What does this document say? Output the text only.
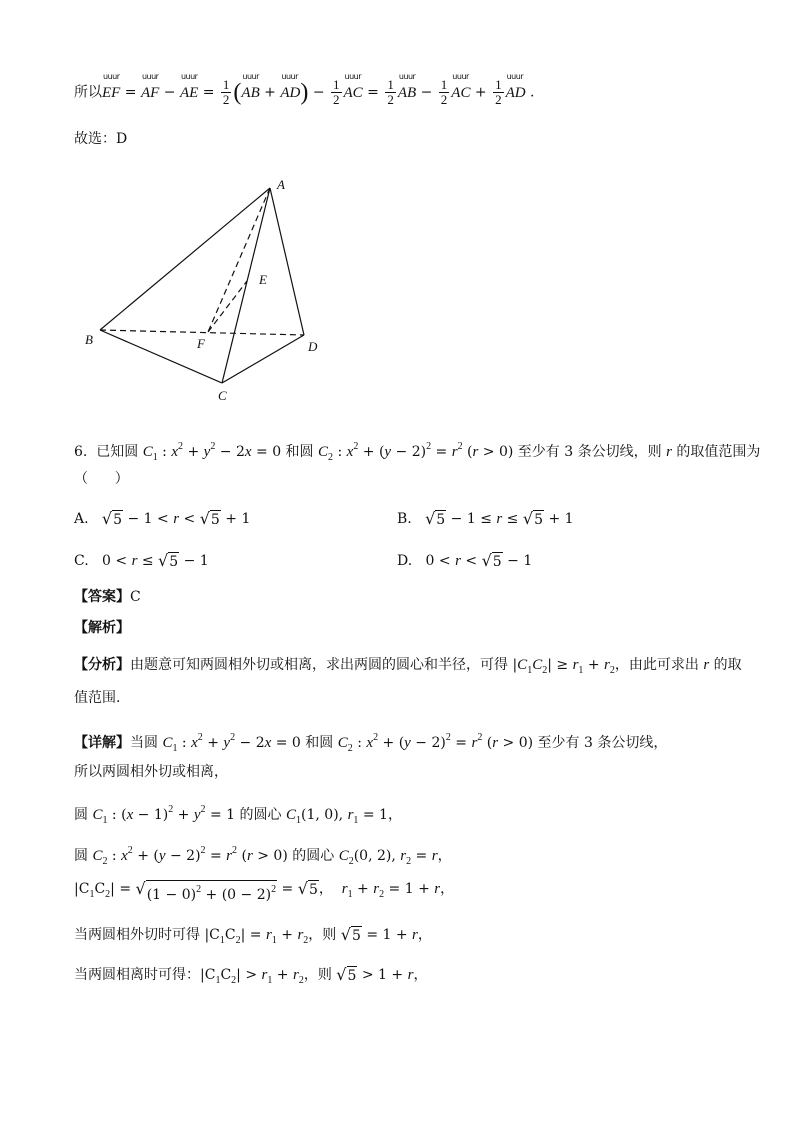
所以
uuur
EF =
uuur
AF −
uuur
AE = $\frac{1}{2}$ (
uuur
AB +
uuur
$AD) - \frac{1}{2}$
uuur
AC = $\frac{1}{2}$
uuur
AB − $\frac{1}{2}$
uuur
AC + $\frac{1}{2}$
uuur
AD .
故选：D
A
B
C
D
E
F
6.  已知圆 $C_1$ : $x^2 + y^2 - 2x = 0$ 和圆 $C_2$ : $x^2 + (y - 2)^2 = r^2$ (r > 0) 至少有 3 条公切线，则 r 的取值范围为
（      ）
A. √ 5 − 1 < r < √ 5 + 1	B. √ 5 − 1 ≤ r ≤ √ 5 + 1
C.   0 < r ≤ √ 5 − 1	D.   0 < r < √ 5 − 1
【答案】C
【解析】
【分析】由题意可知两圆相外切或相离，求出两圆的圆心和半径，可得 $|C_1C_2| \ge r_1 + r_2$，由此可求出 r 的取
值范围.
【详解】当圆 $C_1$ : $x^2 + y^2 - 2x = 0$ 和圆 $C_2$ : $x^2 + (y - 2)^2 = r^2$ (r > 0) 至少有 3 条公切线，
所以两圆相外切或相离，
圆 $C_1$ : $(x - 1)^2 + y^2 = 1$ 的圆心 $C_1(1$, 0), $r_1 = 1$，
圆 $C_2$ : $x^2 + (y - 2)^2 = r^2$ (r > 0) 的圆心 $C_2(0$, 2), $r_2 = r$，
$|C_1C_2|$ = √ $(1 - 0)^2 + (0 - 2)^2$ = √ 5 ，  $r_1 + r_2 = 1 + r$，
当两圆相外切时可得 $|C_1C_2| = r_1 + r_2$，则 √ 5 = 1 + r，
当两圆相离时可得：$|C_1C_2| > r_1 + r_2$，则 √ 5 > 1 + r，
